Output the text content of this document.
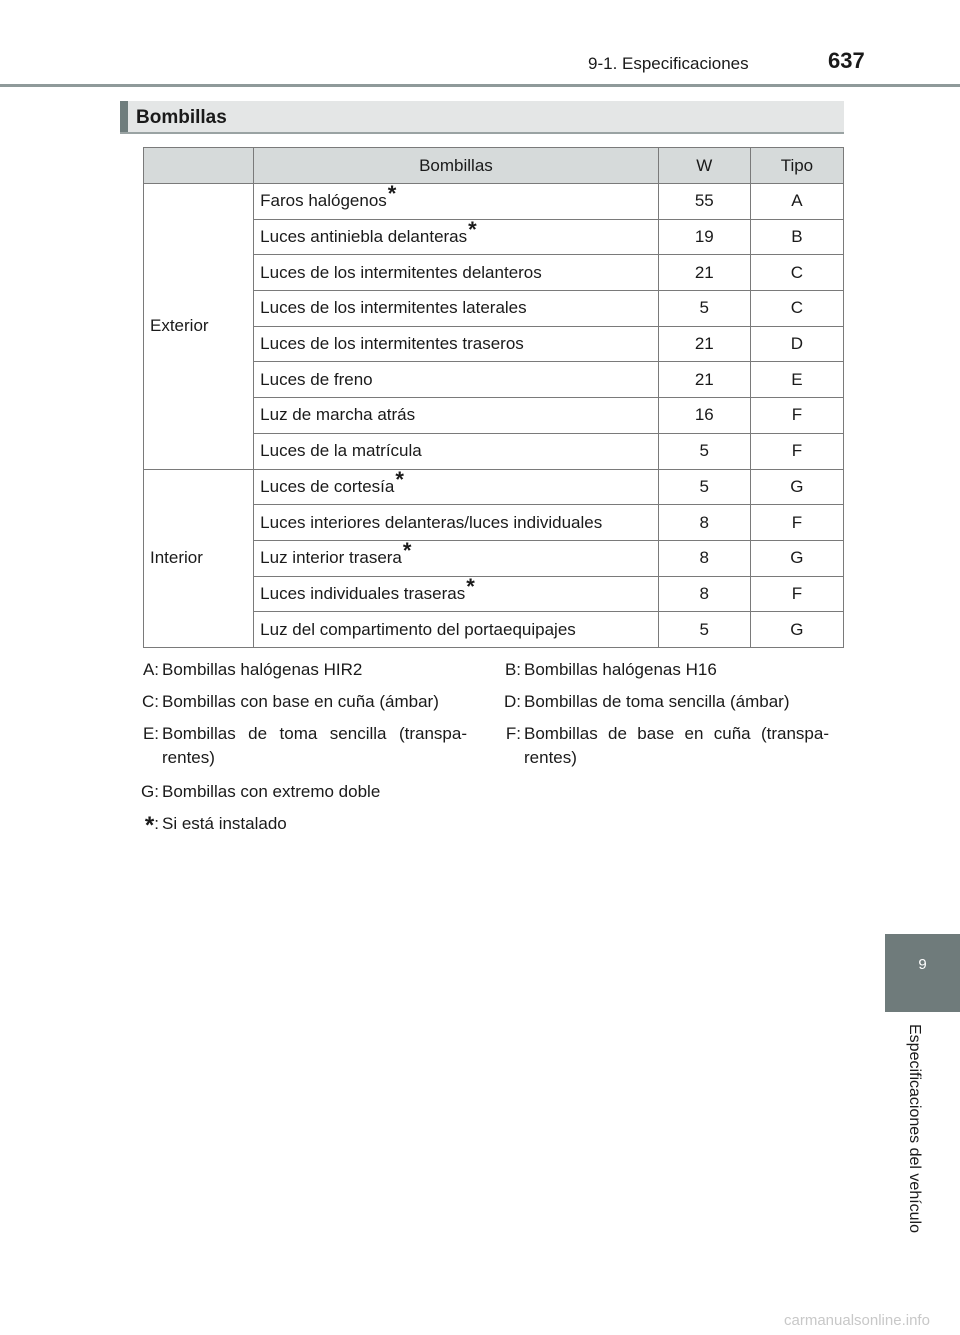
9-1. Especificaciones	637
Bombillas
	Bombillas	W	Tipo
Exterior	Faros halógenos*	55	A
	Luces antiniebla delanteras*	19	B
	Luces de los intermitentes delanteros	21	C
	Luces de los intermitentes laterales	5	C
	Luces de los intermitentes traseros	21	D
	Luces de freno	21	E
	Luz de marcha atrás	16	F
	Luces de la matrícula	5	F
Interior	Luces de cortesía*	5	G
	Luces interiores delanteras/luces individuales	8	F
	Luz interior trasera*	8	G
	Luces individuales traseras*	8	F
	Luz del compartimento del portaequipajes	5	G
A: Bombillas halógenas HIR2	B: Bombillas halógenas H16
C: Bombillas con base en cuña (ámbar)	D: Bombillas de toma sencilla (ámbar)
E: Bombillas de toma sencilla (transpa- rentes)
F: Bombillas de base en cuña (transpa- rentes)
G: Bombillas con extremo doble
*: Si está instalado
9
Especificaciones del vehículo
carmanualsonline.info
